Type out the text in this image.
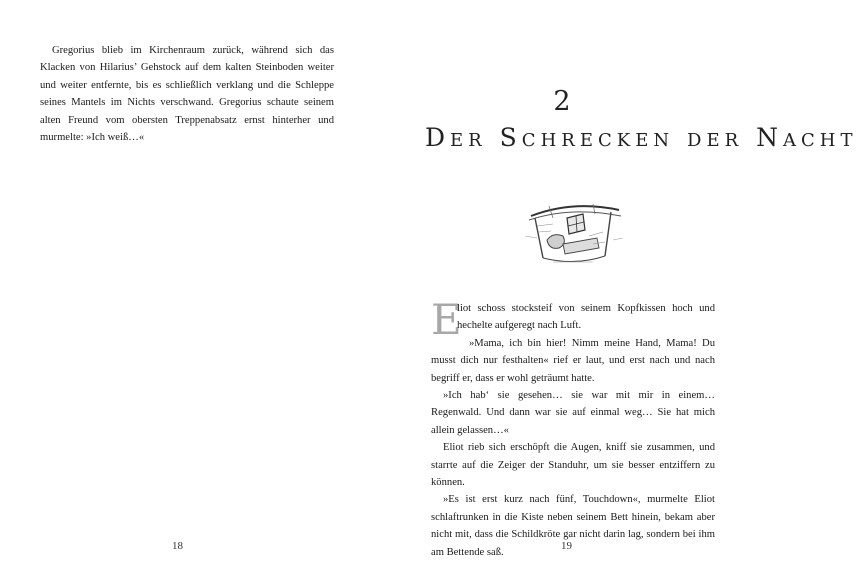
Gregorius blieb im Kirchenraum zurück, während sich das Klacken von Hilarius’ Gehstock auf dem kalten Steinboden weiter und weiter entfernte, bis es schließlich verklang und die Schleppe seines Mantels im Nichts verschwand. Gregorius schaute seinem alten Freund vom obersten Treppenabsatz ernst hinterher und murmelte: »Ich weiß…«

18
2
Der Schrecken der Nacht

E
liot schoss stocksteif von seinem Kopfkissen hoch und hechelte aufgeregt nach Luft.

»Mama, ich bin hier! Nimm meine Hand, Mama! Du musst dich nur festhalten« rief er laut, und erst nach und nach begriff er, dass er wohl geträumt hatte.

»Ich hab‘ sie gesehen… sie war mit mir in einem… Regenwald. Und dann war sie auf einmal weg… Sie hat mich allein gelassen…«

Eliot rieb sich erschöpft die Augen, kniff sie zusammen, und starrte auf die Zeiger der Standuhr, um sie besser entziffern zu können.

»Es ist erst kurz nach fünf, Touchdown«, murmelte Eliot schlaftrunken in die Kiste neben seinem Bett hinein, bekam aber nicht mit, dass die Schildkröte gar nicht darin lag, sondern bei ihm am Bettende saß.

19
